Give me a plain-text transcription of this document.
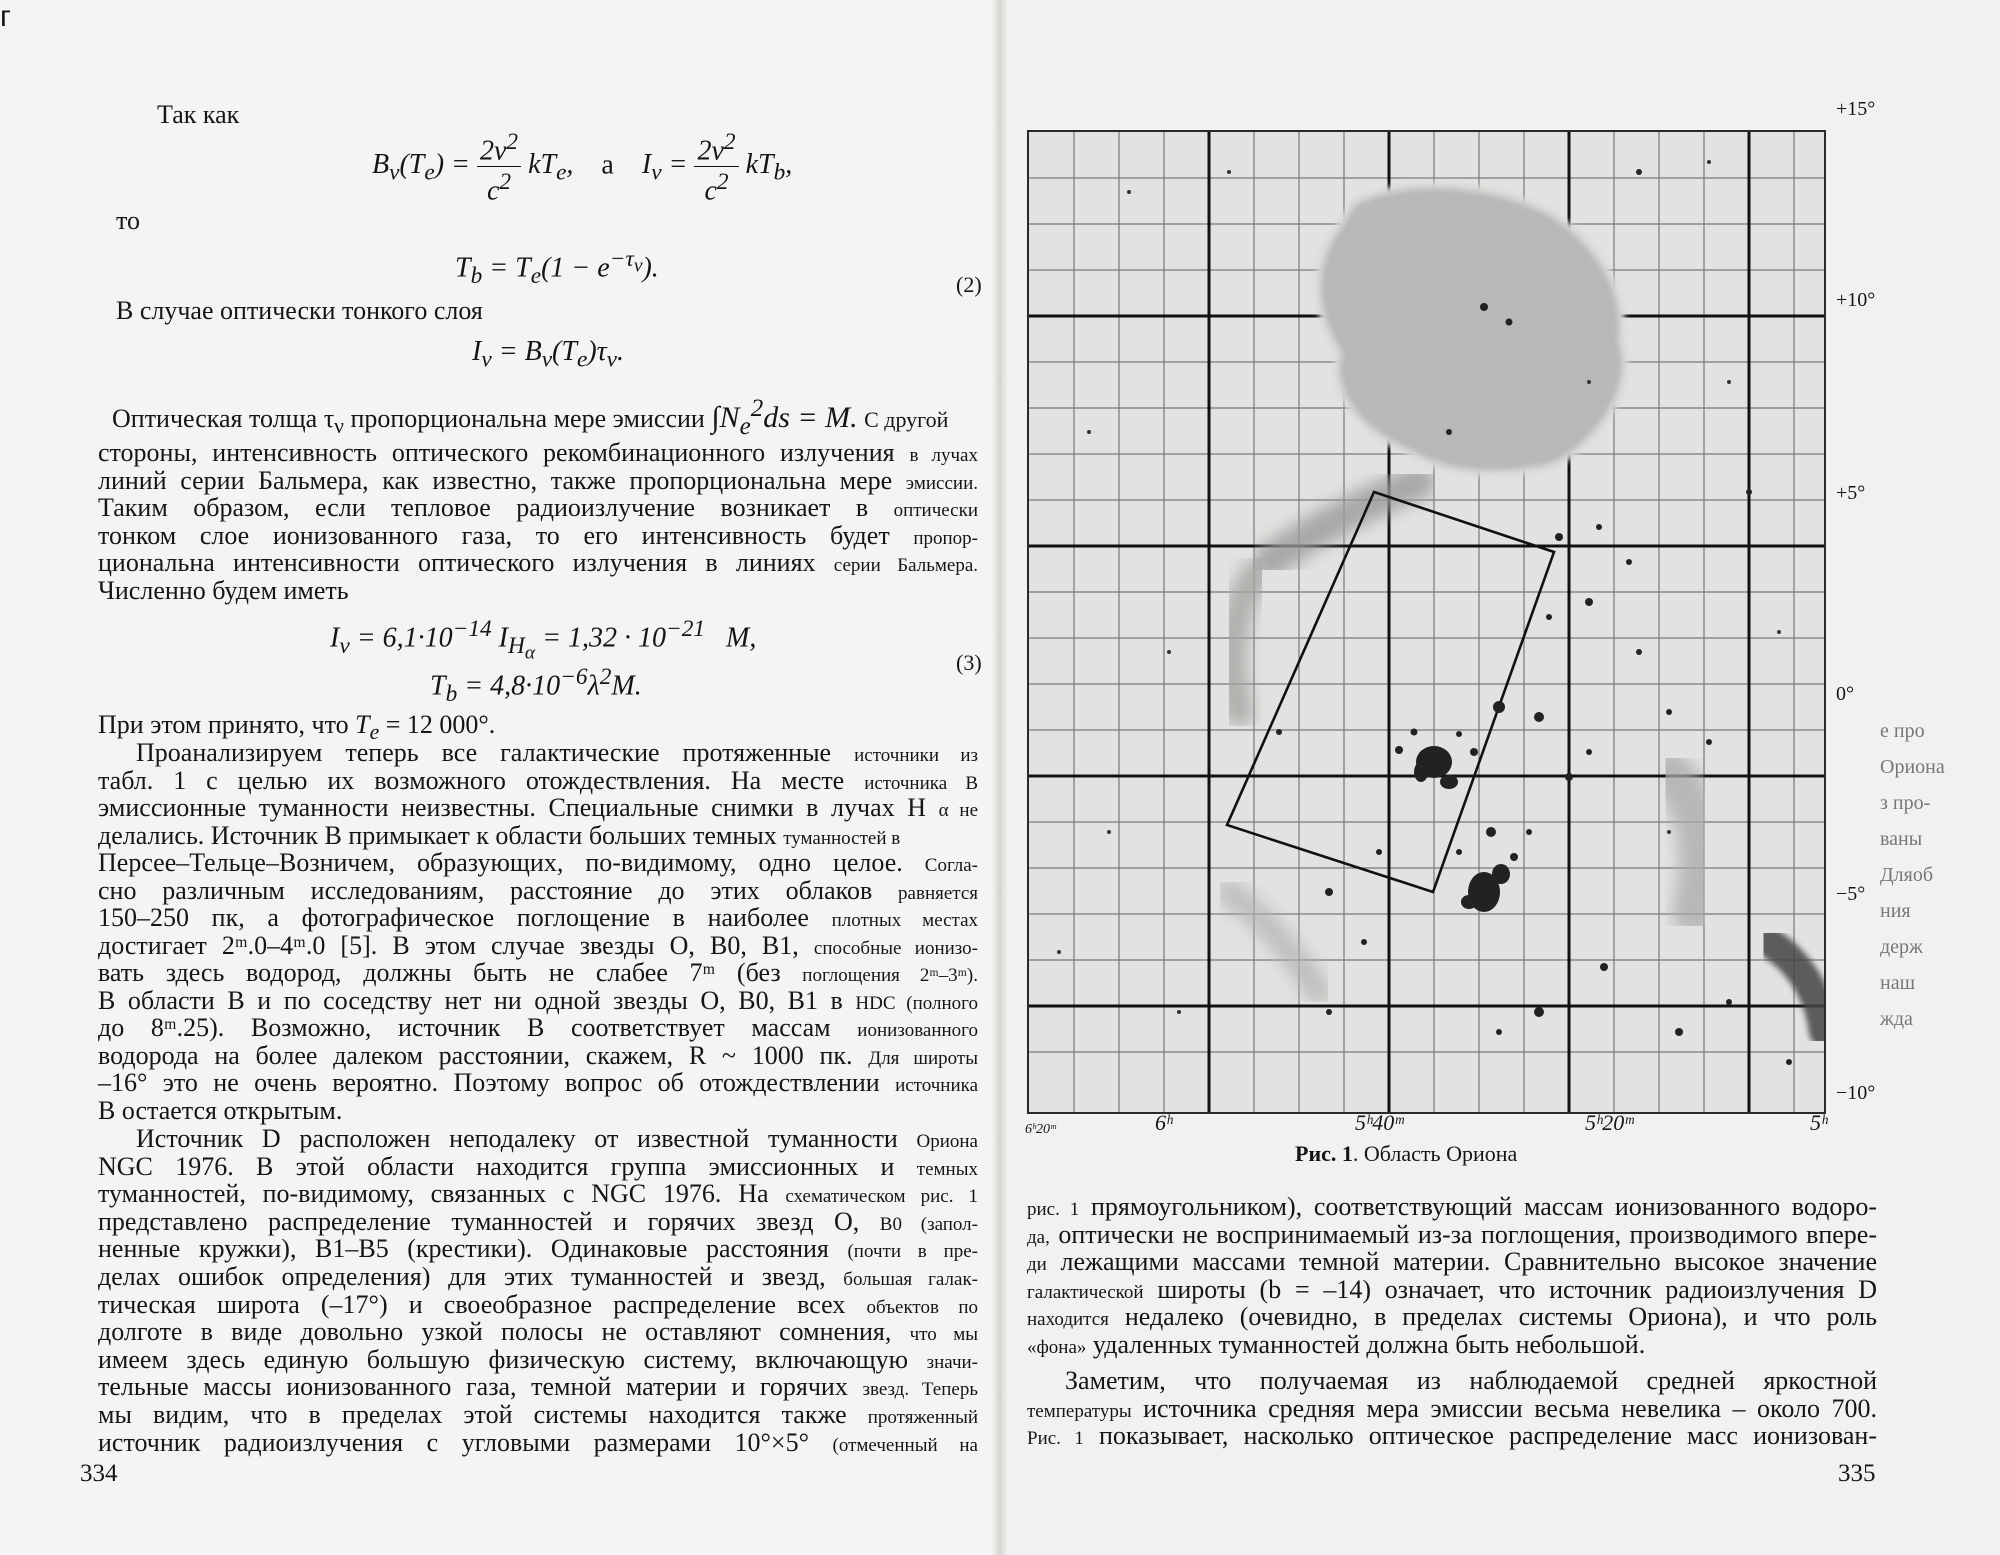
г
Так как
$B_\nu(T_e) = \frac{2\nu^2}{c^2} kT_e$,    а    $I_\nu = \frac{2\nu^2}{c^2} kT_b$,
то
$T_b = T_e(1 - e^{-\tau_\nu})$.
(2)
В случае оптически тонкого слоя
$I_\nu = B_\nu(T_e)\tau_\nu$.
Оптическая толща $\tau_\nu$ пропорциональна мере эмиссии $\int N_e^2ds = M$. С другой
стороны, интенсивность оптического рекомбинационного излучения в лучах
линий серии Бальмера, как известно, также пропорциональна мере эмиссии.
Таким образом, если тепловое радиоизлучение возникает в оптически
тонком слое ионизованного газа, то его интенсивность будет пропор-
циональна интенсивности оптического излучения в линиях серии Бальмера.
Численно будем иметь
$I_\nu = 6,1\cdot 10^{-14}$ $I_{H_\alpha} = 1,32 \cdot 10^{-21}$   M,
$T_b = 4,8\cdot 10^{-6}\lambda^2M$.
(3)
При этом принято, что $T_e = 12$ 000°.
Проанализируем теперь все галактические протяженные источники из
табл. 1 с целью их возможного отождествления. На месте источника B
эмиссионные туманности неизвестны. Специальные снимки в лучах H α не
делались. Источник B примыкает к области больших темных туманностей в
Персее–Тельце–Возничем, образующих, по-видимому, одно целое. Согла-
сно различным исследованиям, расстояние до этих облаков равняется
150–250 пк, а фотографическое поглощение в наиболее плотных местах
достигает 2ᵐ.0–4ᵐ.0 [5]. В этом случае звезды O, B0, B1, способные ионизо-
вать здесь водород, должны быть не слабее 7ᵐ (без поглощения 2ᵐ–3ᵐ).
В области B и по соседству нет ни одной звезды O, B0, B1 в HDC (полного
до 8ᵐ.25). Возможно, источник B соответствует массам ионизованного
водорода на более далеком расстоянии, скажем, R ~ 1000 пк. Для широты
–16° это не очень вероятно. Поэтому вопрос об отождествлении источника
B остается открытым.
Источник D расположен неподалеку от известной туманности Ориона
NGC 1976. В этой области находится группа эмиссионных и темных
туманностей, по-видимому, связанных с NGC 1976. На схематическом рис. 1
представлено распределение туманностей и горячих звезд O, B0 (запол-
ненные кружки), B1–B5 (крестики). Одинаковые расстояния (почти в пре-
делах ошибок определения) для этих туманностей и звезд, большая галак-
тическая широта (–17°) и своеобразное распределение всех объектов по
долготе в виде довольно узкой полосы не оставляют сомнения, что мы
имеем здесь единую большую физическую систему, включающую значи-
тельные массы ионизованного газа, темной материи и горячих звезд. Теперь
мы видим, что в пределах этой системы находится также протяженный
источник радиоизлучения с угловыми размерами 10°×5° (отмеченный на
334
+15°
+10°
+5°
0°
−5°
−10°
6ʰ20ᵐ	6ʰ	5ʰ40ᵐ	5ʰ20ᵐ	5ʰ
Рис. 1. Область Ориона
рис. 1 прямоугольником), соответствующий массам ионизованного водоро-
да, оптически не воспринимаемый из-за поглощения, производимого впере-
ди лежащими массами темной материи. Сравнительно высокое значение
галактической широты (b = –14) означает, что источник радиоизлучения D
находится недалеко (очевидно, в пределах системы Ориона), и что роль
«фона» удаленных туманностей должна быть небольшой.
Заметим, что получаемая из наблюдаемой средней яркостной
температуры источника средняя мера эмиссии весьма невелика – около 700.
Рис. 1 показывает, насколько оптическое распределение масс ионизован-
е про
Ориона
з про-
ваны
Дляоб
ния
держ
наш
жда
335
